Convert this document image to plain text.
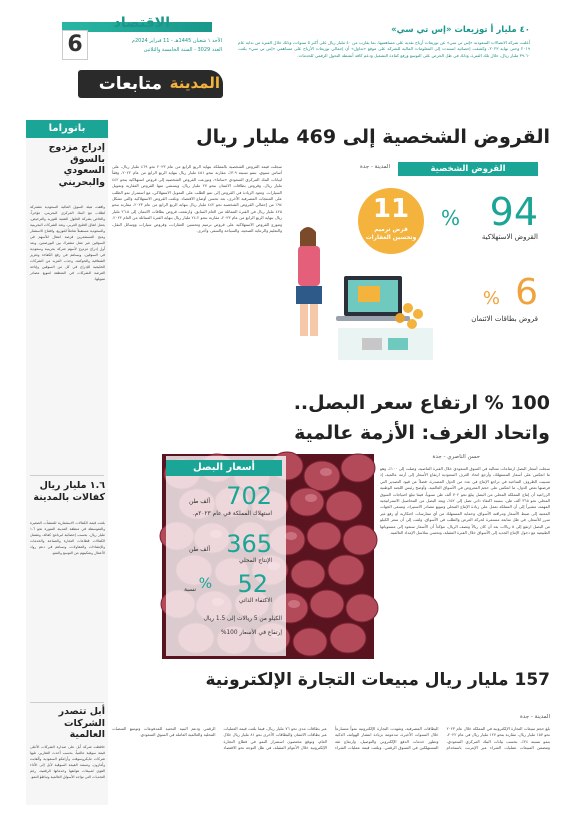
الاقتصاد
6	الأحد ١ شعبان 1445هـ - 11 فبراير 2024م
العدد 3029 - السنة الخامسة والثلاثين
متابعات المدينة
٤٠ مليار أ توزيعات «إس تي سي»
أعلنت شركة الاتصالات السعودية «إس تي سي» عن توزيعات أرباح نقدية على مساهميها، بما يقارب من ٤٠ مليار ريال على أكثر ٥ سنوات، وذلك خلال الفترة من بداية عام ٢٠١٩ وحتى نهاية ٢٠٢٣، وكشفت إحصائية استندت إلى المعلومات المالية للشركة على موقع «تداول» أن إجمالي توزيعات الأرباح على مساهمي «إس تي سي» بلغت ٣٩.٦٠ مليار ريال، خلال تلك الفترة، وذلك في ظل الحرص على التوسع ورفع كفاءة التشغيل ودعم كافة أنشطة التحول الرقمي للخدمات.
بانوراما
إدراج مزدوج بالسوق السعودي والبحريني
وافقت هيئة السوق المالية السعودية مشتركة لطلاب مع البنك المركزي البحريني، مؤخراً، والخاص بشركة الحلول التقنية للتوريد والترخيص، بعمل اتفاق الخليج العربي. وتعد الشركات البحرينية والسعودية مستقبلاً شاملاً للتوزيع، وافتتاح الاستثمار ومنح المستثمرين فرصة انتقال للأسهم في السوقين عبر عمل مشترك بين البورصتين، ويعد أول إدراج مزدوج لأسهم شركة بحرينية وسعودية في السوقين، ويساهم في رفع الكفاءة وتعزيز الشفافية والحوكمة، وجذب المزيد من الشركات الخليجية للإدراج في كل من السوقين وإتاحة الفرصة للشركات في المنطقة لتنويع مصادر تمويلها.
١.٦ مليار ريال كفالات بالمدينة
بلغت قيمة الكفالات الاستثمارية للمنشآت الصغيرة والمتوسطة في منطقة المدينة المنورة نحو ١.٦ مليار ريال، بحسب إحصائية لبرنامج كفالة، وتشمل الكفالات قطاعات التجارة والصناعة والخدمات والإنشاءات والمقاولات، وتساهم في دعم رواد الأعمال وتمكينهم من التوسع والنمو.
أبل تتصدر الشركات العالمية
حافظت شركة أبل على صدارة الشركات الأعلى قيمة سوقية عالمياً، بحسب أحدث التقارير، تليها شركات مايكروسوفت وأرامكو السعودية وألفابت وأمازون، وتستند القيمة السوقية لأبل إلى الأداء القوي لمبيعات هواتفها وخدماتها الرقمية، رغم التحديات التي تواجه الأسواق العالمية وتباطؤ النمو.
القروض الشخصية إلى 469 مليار ريال
القروض الشخصية
المدينة - جدة
% 94
القروض الاستهلاكية
% 6
قروض بطاقات الائتمان
11
قرض ترميم وتحسين العقارات
سجلت قيمة القروض الشخصية بالمملكة بنهاية الربع الرابع من عام ٢٠٢٣ نحو ٤٦٩ مليار ريال، على أساس سنوي، بنمو نسبته ٣.٩٪، مقارنة بنحو ٤٥١ مليار ريال بنهاية الربع الرابع من عام ٢٠٢٢، وفقاً لبيانات البنك المركزي السعودي «ساما»، وتوزعت القروض الشخصية إلى قروض استهلاكية بنحو ٤٤٢ مليار ريال، وقروض بطاقات الائتمان بنحو ٢٧ مليار ريال، ويستثني منها القروض العقارية وتمويل السيارات. وتعود الزيادة في القروض إلى نمو الطلب على التمويل الاستهلاكي، مع استمرار نمو الطلب على المنتجات المصرفية الأخرى، بعد تحسن أوضاع الاقتصاد. وبلغت القروض الاستهلاكية والتي تشكل ٩٤٪ من إجمالي القروض الشخصية نحو ٤٤٢ مليار ريال بنهاية الربع الرابع من عام ٢٠٢٣، مقارنة بنحو ٤٢٥ مليار ريال في الفترة المماثلة من العام السابق. وارتفعت قروض بطاقات الائتمان إلى ٢٦.٥ مليار ريال بنهاية الربع الرابع من عام ٢٠٢٣، مقارنة بنحو ٢٤.٢ مليار ريال بنهاية الفترة المماثلة من العام ٢٠٢٢. وتتوزع القروض الاستهلاكية على قروض ترميم وتحسين العقارات، وقروض سيارات ووسائل النقل، والتعليم والرعاية الصحية، والسياحة والسفر، وأخرى.
100 % ارتفاع سعر البصل..
واتحاد الغرف: الأزمة عالمية
أسعار البصل
ألف طن 702
استهلاك المملكة في عام ٢٠٢٣م.
ألف طن 365
الإنتاج المحلي
نسبة	52
%
الاكتفاء الذاتي
الكيلو من 5 ريالات إلى 1.5 ريال
إرتفاع في الأسعار 100%
حسن الناصري - جدة
سجلت أسعار البصل ارتفاعات متتالية في السوق السعودي خلال الفترة الماضية، وصلت إلى ١٠٠٪، وهو ما انعكس على أسعار المستهلك، وأرجع اتحاد الغرف السعودية ارتفاع الأسعار إلى أزمة عالمية، إذ تسببت الظروف المناخية في تراجع الإنتاج في عدد من الدول المصدرة، فضلاً عن قيود التصدير التي فرضتها بعض الدول، ما انعكس على حجم المعروض في الأسواق العالمية. وأوضح رئيس اللجنة الوطنية الزراعية أن إنتاج المملكة المحلي من البصل يبلغ نحو ٧٠٢ ألف طن سنوياً، فيما تبلغ احتياجات السوق المحلي نحو ٣٦٥ ألف طن، بنسبة اكتفاء ذاتي تصل إلى ٥٢٪، ويعد البصل من المحاصيل الاستراتيجية المهمة، مشيراً إلى أن المملكة تعمل على زيادة الإنتاج المحلي وتنويع مصادر الاستيراد، وتسعى الجهات المعنية إلى ضبط الأسعار ومراقبة الأسواق، وحماية المستهلك من أي ممارسات احتكارية أو رفع غير مبرر للأسعار، في ظل متابعة مستمرة لحركة العرض والطلب في الأسواق. ولفت إلى أن سعر الكيلو من البصل ارتفع إلى ٥ ريالات بعد أن كان ريالاً ونصف الريال، مؤكداً أن الأسعار ستعود إلى مستوياتها الطبيعية مع دخول الإنتاج الجديد إلى الأسواق خلال الفترة المقبلة، وتحسن سلاسل الإمداد العالمية.
157 مليار ريال مبيعات التجارة الإلكترونية
المدينة - جدة
بلغ حجم مبيعات التجارة الإلكترونية في المملكة خلال عام ٢٠٢٣ نحو ١٥٧ مليار ريال، مقارنة بنحو ١٢٧ مليار ريال في عام ٢٠٢٢، بنمو نسبته ٢٤٪، بحسب بيانات البنك المركزي السعودي، وتتضمن المبيعات عمليات الشراء عبر الإنترنت باستخدام البطاقات المصرفية، وشهدت التجارة الإلكترونية نمواً متسارعاً خلال السنوات الأخيرة، مدعومة بزيادة انتشار الهواتف الذكية وتطور خدمات الدفع الإلكتروني والتوصيل، وارتفاع ثقة المستهلكين في التسوق الرقمي. وبلغت قيمة عمليات الشراء عبر بطاقات مدى نحو ٧٦ مليار ريال، فيما بلغت قيمة العمليات عبر بطاقات الائتمان والبطاقات الأخرى نحو ٨١ مليار ريال خلال العام، وتوقع مختصون استمرار النمو في قطاع التجارة الإلكترونية خلال الأعوام المقبلة، في ظل التوجه نحو الاقتصاد الرقمي ودعم البنية التحتية للمدفوعات وتوسع المنصات المحلية والعالمية العاملة في السوق السعودي.
